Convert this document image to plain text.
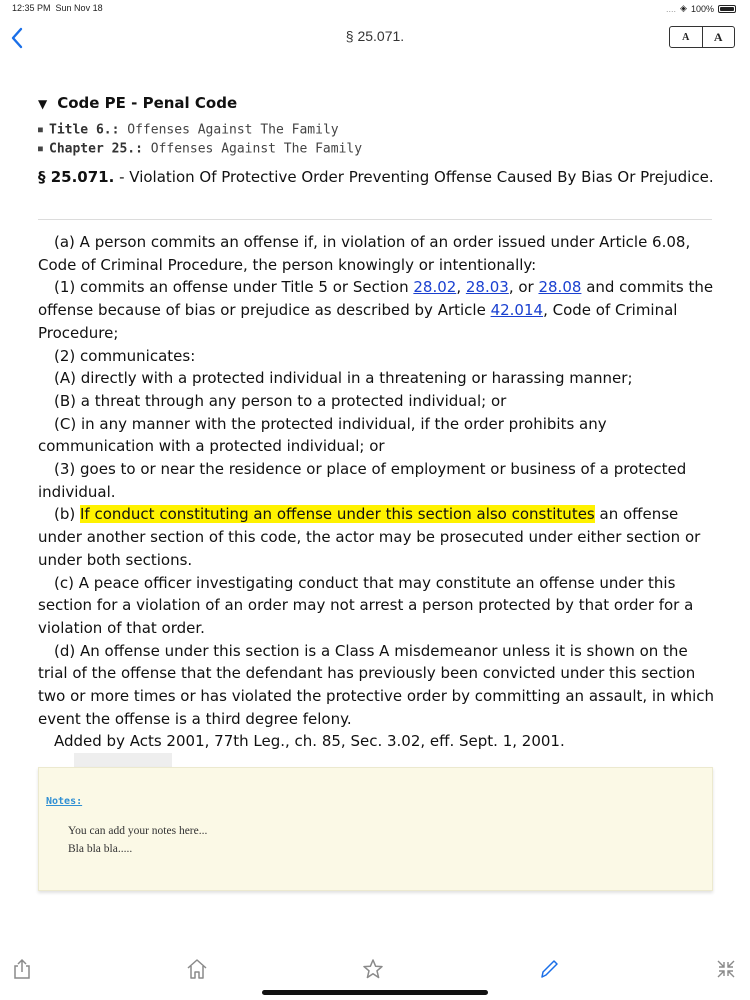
12:35 PM Sun Nov 18	.... ◈ 100%
§ 25.071.	A A
▼ Code PE - Penal Code
■ Title 6.: Offenses Against The Family
■ Chapter 25.: Offenses Against The Family
§ 25.071. - Violation Of Protective Order Preventing Offense Caused By Bias Or Prejudice.

(a) A person commits an offense if, in violation of an order issued under Article 6.08, Code of Criminal Procedure, the person knowingly or intentionally:

(1) commits an offense under Title 5 or Section 28.02, 28.03, or 28.08 and commits the offense because of bias or prejudice as described by Article 42.014, Code of Criminal Procedure;

(2) communicates:

(A) directly with a protected individual in a threatening or harassing manner;

(B) a threat through any person to a protected individual; or

(C) in any manner with the protected individual, if the order prohibits any communication with a protected individual; or

(3) goes to or near the residence or place of employment or business of a protected individual.

(b) If conduct constituting an offense under this section also constitutes an offense under another section of this code, the actor may be prosecuted under either section or under both sections.

(c) A peace officer investigating conduct that may constitute an offense under this section for a violation of an order may not arrest a person protected by that order for a violation of that order.

(d) An offense under this section is a Class A misdemeanor unless it is shown on the trial of the offense that the defendant has previously been convicted under this section two or more times or has violated the protective order by committing an assault, in which event the offense is a third degree felony.

Added by Acts 2001, 77th Leg., ch. 85, Sec. 3.02, eff. Sept. 1, 2001.

Notes:
You can add your notes here...
Bla bla bla.....
